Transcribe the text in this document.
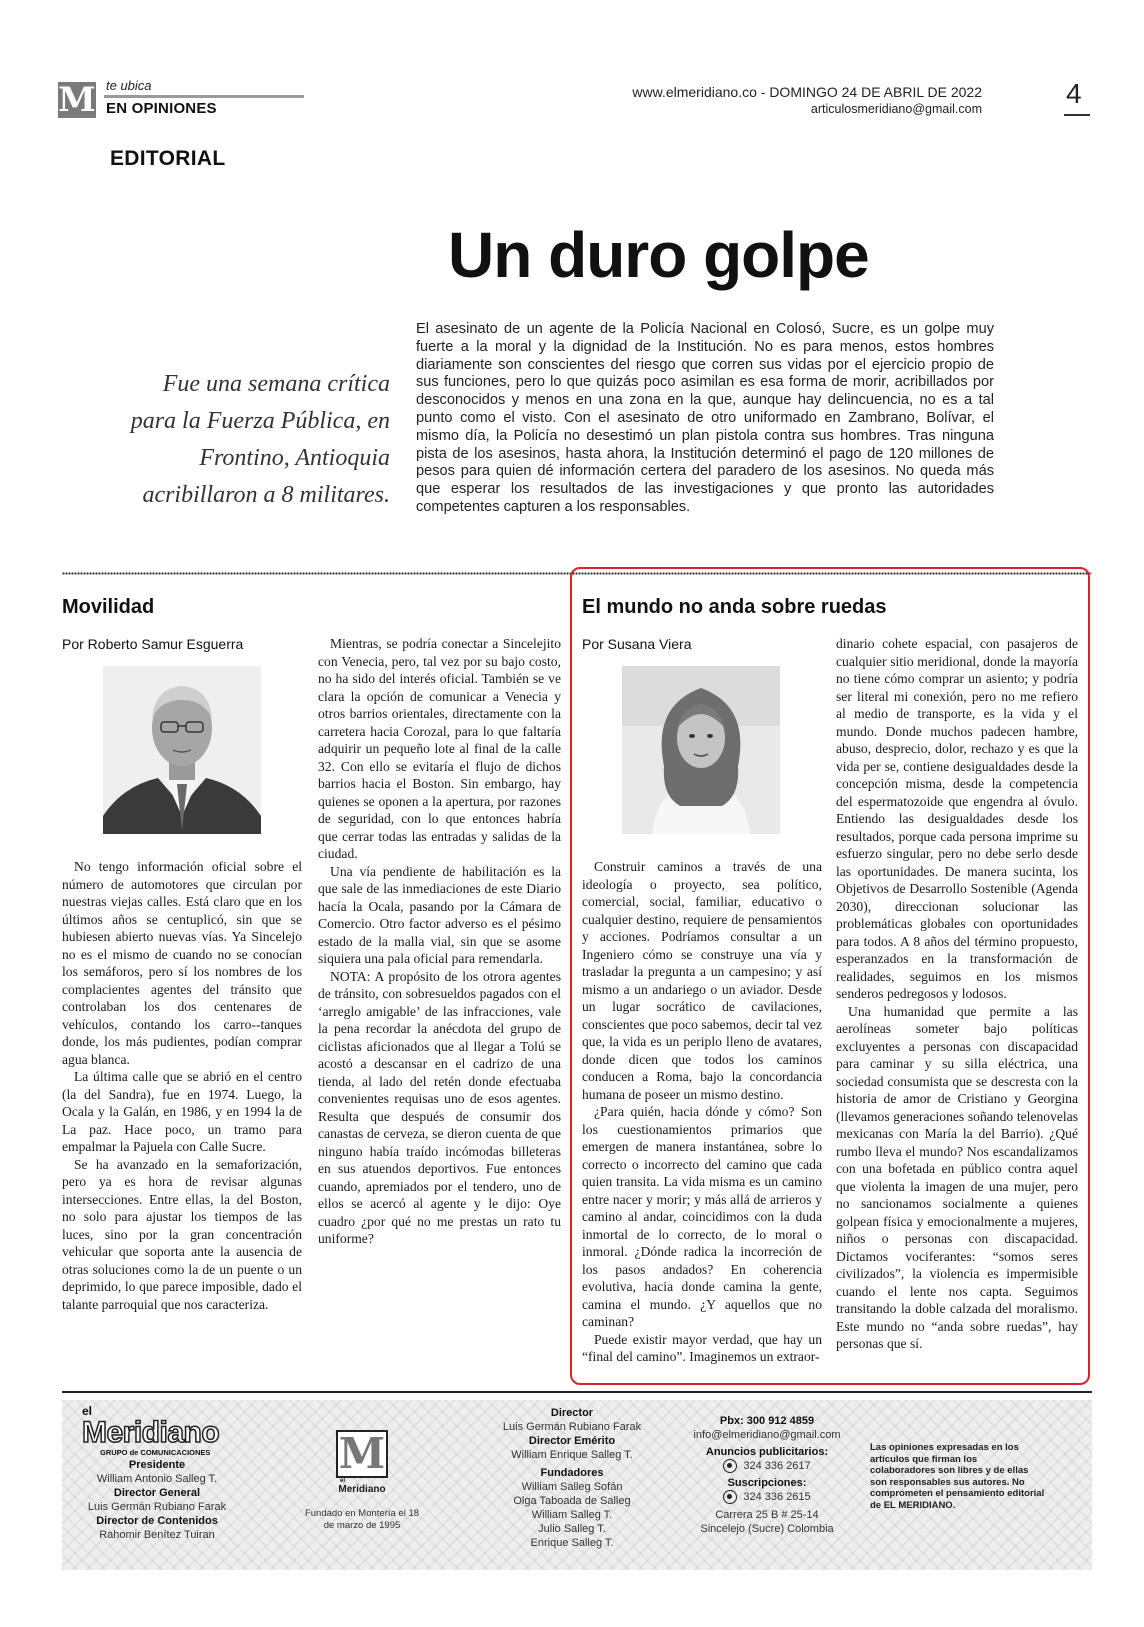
M te ubica
EN OPINIONES
www.elmeridiano.co - DOMINGO 24 DE ABRIL DE 2022
articulosmeridiano@gmail.com	4
EDITORIAL
Un duro golpe
Fue una semana crítica para la Fuerza Pública, en Frontino, Antioquia acribillaron a 8 militares.
El asesinato de un agente de la Policía Nacional en Colosó, Sucre, es un golpe muy fuerte a la moral y la dignidad de la Institución. No es para menos, estos hombres diariamente son conscientes del riesgo que corren sus vidas por el ejercicio propio de sus funciones, pero lo que quizás poco asimilan es esa forma de morir, acribillados por desconocidos y menos en una zona en la que, aunque hay delincuencia, no es a tal punto como el visto. Con el asesinato de otro uniformado en Zambrano, Bolívar, el mismo día, la Policía no desestimó un plan pistola contra sus hombres. Tras ninguna pista de los asesinos, hasta ahora, la Institución determinó el pago de 120 millones de pesos para quien dé información certera del paradero de los asesinos. No queda más que esperar los resultados de las investigaciones y que pronto las autoridades competentes capturen a los responsables.
Movilidad
Por Roberto Samur Esguerra

No tengo información oficial sobre el número de automotores que circulan por nuestras viejas calles. Está claro que en los últimos años se centuplicó, sin que se hubiesen abierto nuevas vías. Ya Sincelejo no es el mismo de cuando no se conocían los semáforos, pero sí los nombres de los complacientes agentes del tránsito que controlaban los dos centenares de vehículos, contando los carro--tanques donde, los más pudientes, podían comprar agua blanca.

La última calle que se abrió en el centro (la del Sandra), fue en 1974. Luego, la Ocala y la Galán, en 1986, y en 1994 la de La paz. Hace poco, un tramo para empalmar la Pajuela con Calle Sucre.

Se ha avanzado en la semaforización, pero ya es hora de revisar algunas intersecciones. Entre ellas, la del Boston, no solo para ajustar los tiempos de las luces, sino por la gran concentración vehicular que soporta ante la ausencia de otras soluciones como la de un puente o un deprimido, lo que parece imposible, dado el talante parroquial que nos caracteriza.

Mientras, se podría conectar a Sincelejito con Venecia, pero, tal vez por su bajo costo, no ha sido del interés oficial. También se ve clara la opción de comunicar a Venecia y otros barrios orientales, directamente con la carretera hacia Corozal, para lo que faltaría adquirir un pequeño lote al final de la calle 32. Con ello se evitaría el flujo de dichos barrios hacia el Boston. Sin embargo, hay quienes se oponen a la apertura, por razones de seguridad, con lo que entonces habría que cerrar todas las entradas y salidas de la ciudad.

Una vía pendiente de habilitación es la que sale de las inmediaciones de este Diario hacía la Ocala, pasando por la Cámara de Comercio. Otro factor adverso es el pésimo estado de la malla vial, sin que se asome siquiera una pala oficial para remendarla.

NOTA: A propósito de los otrora agentes de tránsito, con sobresueldos pagados con el ‘arreglo amigable’ de las infracciones, vale la pena recordar la anécdota del grupo de ciclistas aficionados que al llegar a Tolú se acostó a descansar en el cadrizo de una tienda, al lado del retén donde efectuaba convenientes requisas uno de esos agentes. Resulta que después de consumir dos canastas de cerveza, se dieron cuenta de que ninguno había traído incómodas billeteras en sus atuendos deportivos. Fue entonces cuando, apremiados por el tendero, uno de ellos se acercó al agente y le dijo: Oye cuadro ¿por qué no me prestas un rato tu uniforme?

El mundo no anda sobre ruedas
Por Susana Viera

Construir caminos a través de una ideología o proyecto, sea político, comercial, social, familiar, educativo o cualquier destino, requiere de pensamientos y acciones. Podríamos consultar a un Ingeniero cómo se construye una vía y trasladar la pregunta a un campesino; y así mismo a un andariego o un aviador. Desde un lugar socrático de cavilaciones, conscientes que poco sabemos, decir tal vez que, la vida es un periplo lleno de avatares, donde dicen que todos los caminos conducen a Roma, bajo la concordancia humana de poseer un mismo destino.

¿Para quién, hacia dónde y cómo? Son los cuestionamientos primarios que emergen de manera instantánea, sobre lo correcto o incorrecto del camino que cada quien transita. La vida misma es un camino entre nacer y morir; y más allá de arrieros y camino al andar, coincidimos con la duda inmortal de lo correcto, de lo moral o inmoral. ¿Dónde radica la incorreción de los pasos andados? En coherencia evolutiva, hacia donde camina la gente, camina el mundo. ¿Y aquellos que no caminan?

Puede existir mayor verdad, que hay un “final del camino”. Imaginemos un extraor-

dinario cohete espacial, con pasajeros de cualquier sitio meridional, donde la mayoría no tiene cómo comprar un asiento; y podría ser literal mi conexión, pero no me refiero al medio de transporte, es la vida y el mundo. Donde muchos padecen hambre, abuso, desprecio, dolor, rechazo y es que la vida per se, contiene desigualdades desde la concepción misma, desde la competencia del espermatozoide que engendra al óvulo. Entiendo las desigualdades desde los resultados, porque cada persona imprime su esfuerzo singular, pero no debe serlo desde las oportunidades. De manera sucinta, los Objetivos de Desarrollo Sostenible (Agenda 2030), direccionan solucionar las problemáticas globales con oportunidades para todos. A 8 años del término propuesto, esperanzados en la transformación de realidades, seguimos en los mismos senderos pedregosos y lodosos.

Una humanidad que permite a las aerolíneas someter bajo políticas excluyentes a personas con discapacidad para caminar y su silla eléctrica, una sociedad consumista que se descresta con la historia de amor de Cristiano y Georgina (llevamos generaciones soñando telenovelas mexicanas con María la del Barrio). ¿Qué rumbo lleva el mundo? Nos escandalizamos con una bofetada en público contra aquel que violenta la imagen de una mujer, pero no sancionamos socialmente a quienes golpean física y emocionalmente a mujeres, niños o personas con discapacidad. Dictamos vociferantes: “somos seres civilizados”, la violencia es impermisible cuando el lente nos capta. Seguimos transitando la doble calzada del moralismo. Este mundo no “anda sobre ruedas”, hay personas que sí.

el
Meridiano
GRUPO de COMUNICACIONES
Presidente
William Antonio Salleg T.
Director General
Luis Germán Rubiano Farak
Director de Contenidos
Rahomir Benítez Tuiran
M
el
Meridiano
Fundado en Montería el 18 de marzo de 1995
Director
Luis Germán Rubiano Farak
Director Emérito
William Enrique Salleg T.
Fundadores
William Salleg Sofán
Olga Taboada de Salleg
William Salleg T.
Julio Salleg T.
Enrique Salleg T.
Pbx: 300 912 4859
info@elmeridiano@gmail.com
Anuncios publicitarios:
324 336 2617
Suscripciones:
324 336 2615
Carrera 25 B # 25-14
Sincelejo (Sucre) Colombia
Las opiniones expresadas en los artículos que firman los colaboradores son libres y de ellas son responsables sus autores. No comprometen el pensamiento editorial de EL MERIDIANO.
